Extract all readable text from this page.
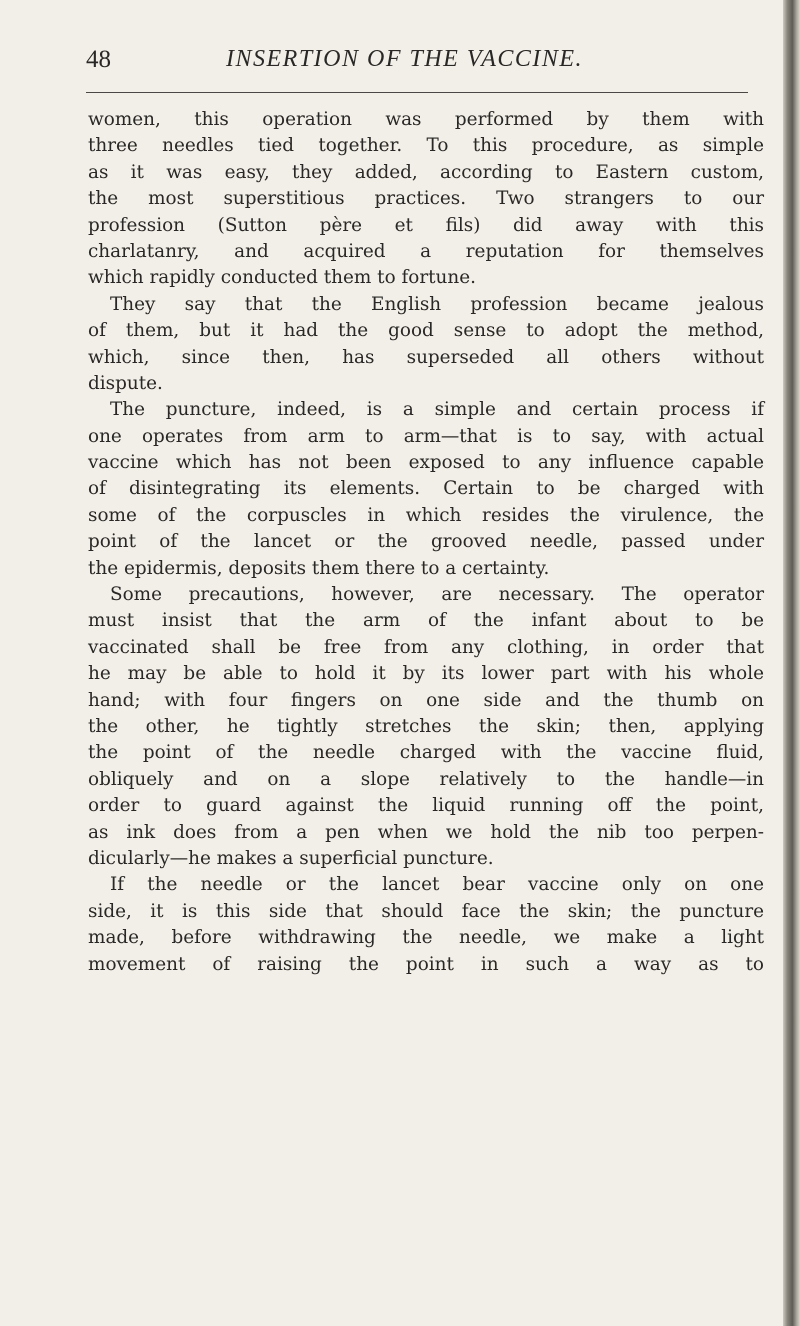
48	INSERTION OF THE VACCINE.
women, this operation was performed by them with
three needles tied together. To this procedure, as simple
as it was easy, they added, according to Eastern custom,
the most superstitious practices. Two strangers to our
profession (Sutton père et fils) did away with this
charlatanry, and acquired a reputation for themselves
which rapidly conducted them to fortune.
They say that the English profession became jealous
of them, but it had the good sense to adopt the method,
which, since then, has superseded all others without
dispute.
The puncture, indeed, is a simple and certain process if
one operates from arm to arm—that is to say, with actual
vaccine which has not been exposed to any influence capable
of disintegrating its elements. Certain to be charged with
some of the corpuscles in which resides the virulence, the
point of the lancet or the grooved needle, passed under
the epidermis, deposits them there to a certainty.
Some precautions, however, are necessary. The operator
must insist that the arm of the infant about to be
vaccinated shall be free from any clothing, in order that
he may be able to hold it by its lower part with his whole
hand; with four fingers on one side and the thumb on
the other, he tightly stretches the skin; then, applying
the point of the needle charged with the vaccine fluid,
obliquely and on a slope relatively to the handle—in
order to guard against the liquid running off the point,
as ink does from a pen when we hold the nib too perpen-
dicularly—he makes a superficial puncture.
If the needle or the lancet bear vaccine only on one
side, it is this side that should face the skin; the puncture
made, before withdrawing the needle, we make a light
movement of raising the point in such a way as to
